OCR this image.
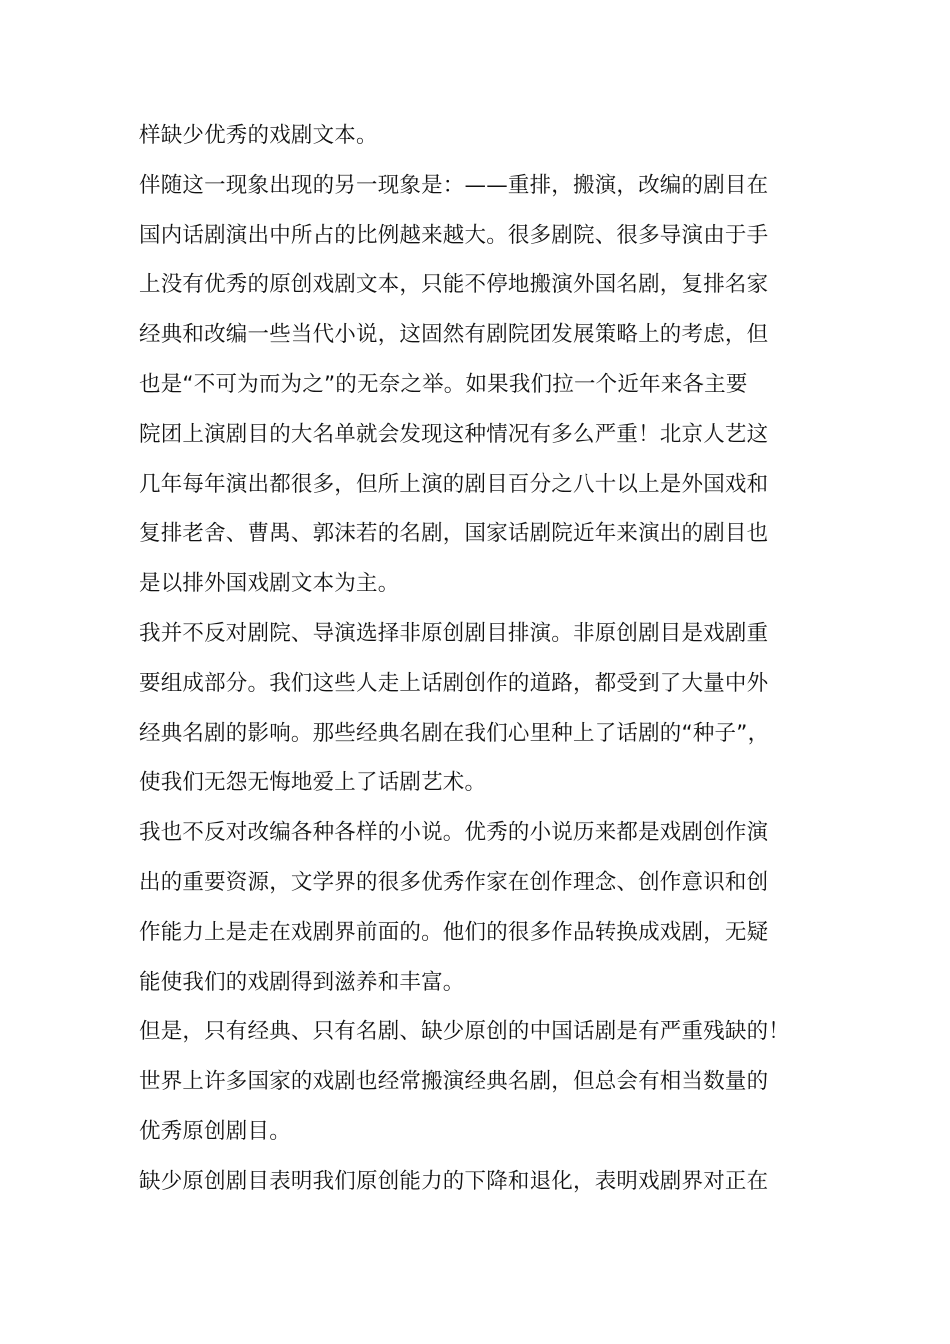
样缺少优秀的戏剧文本。
伴随这一现象出现的另一现象是：——重排，搬演，改编的剧目在
国内话剧演出中所占的比例越来越大。很多剧院、很多导演由于手
上没有优秀的原创戏剧文本，只能不停地搬演外国名剧，复排名家
经典和改编一些当代小说，这固然有剧院团发展策略上的考虑，但
也是“不可为而为之”的无奈之举。如果我们拉一个近年来各主要
院团上演剧目的大名单就会发现这种情况有多么严重！北京人艺这
几年每年演出都很多，但所上演的剧目百分之八十以上是外国戏和
复排老舍、曹禺、郭沫若的名剧，国家话剧院近年来演出的剧目也
是以排外国戏剧文本为主。
我并不反对剧院、导演选择非原创剧目排演。非原创剧目是戏剧重
要组成部分。我们这些人走上话剧创作的道路，都受到了大量中外
经典名剧的影响。那些经典名剧在我们心里种上了话剧的“种子”，
使我们无怨无悔地爱上了话剧艺术。
我也不反对改编各种各样的小说。优秀的小说历来都是戏剧创作演
出的重要资源，文学界的很多优秀作家在创作理念、创作意识和创
作能力上是走在戏剧界前面的。他们的很多作品转换成戏剧，无疑
能使我们的戏剧得到滋养和丰富。
但是，只有经典、只有名剧、缺少原创的中国话剧是有严重残缺的！
世界上许多国家的戏剧也经常搬演经典名剧，但总会有相当数量的
优秀原创剧目。
缺少原创剧目表明我们原创能力的下降和退化，表明戏剧界对正在
